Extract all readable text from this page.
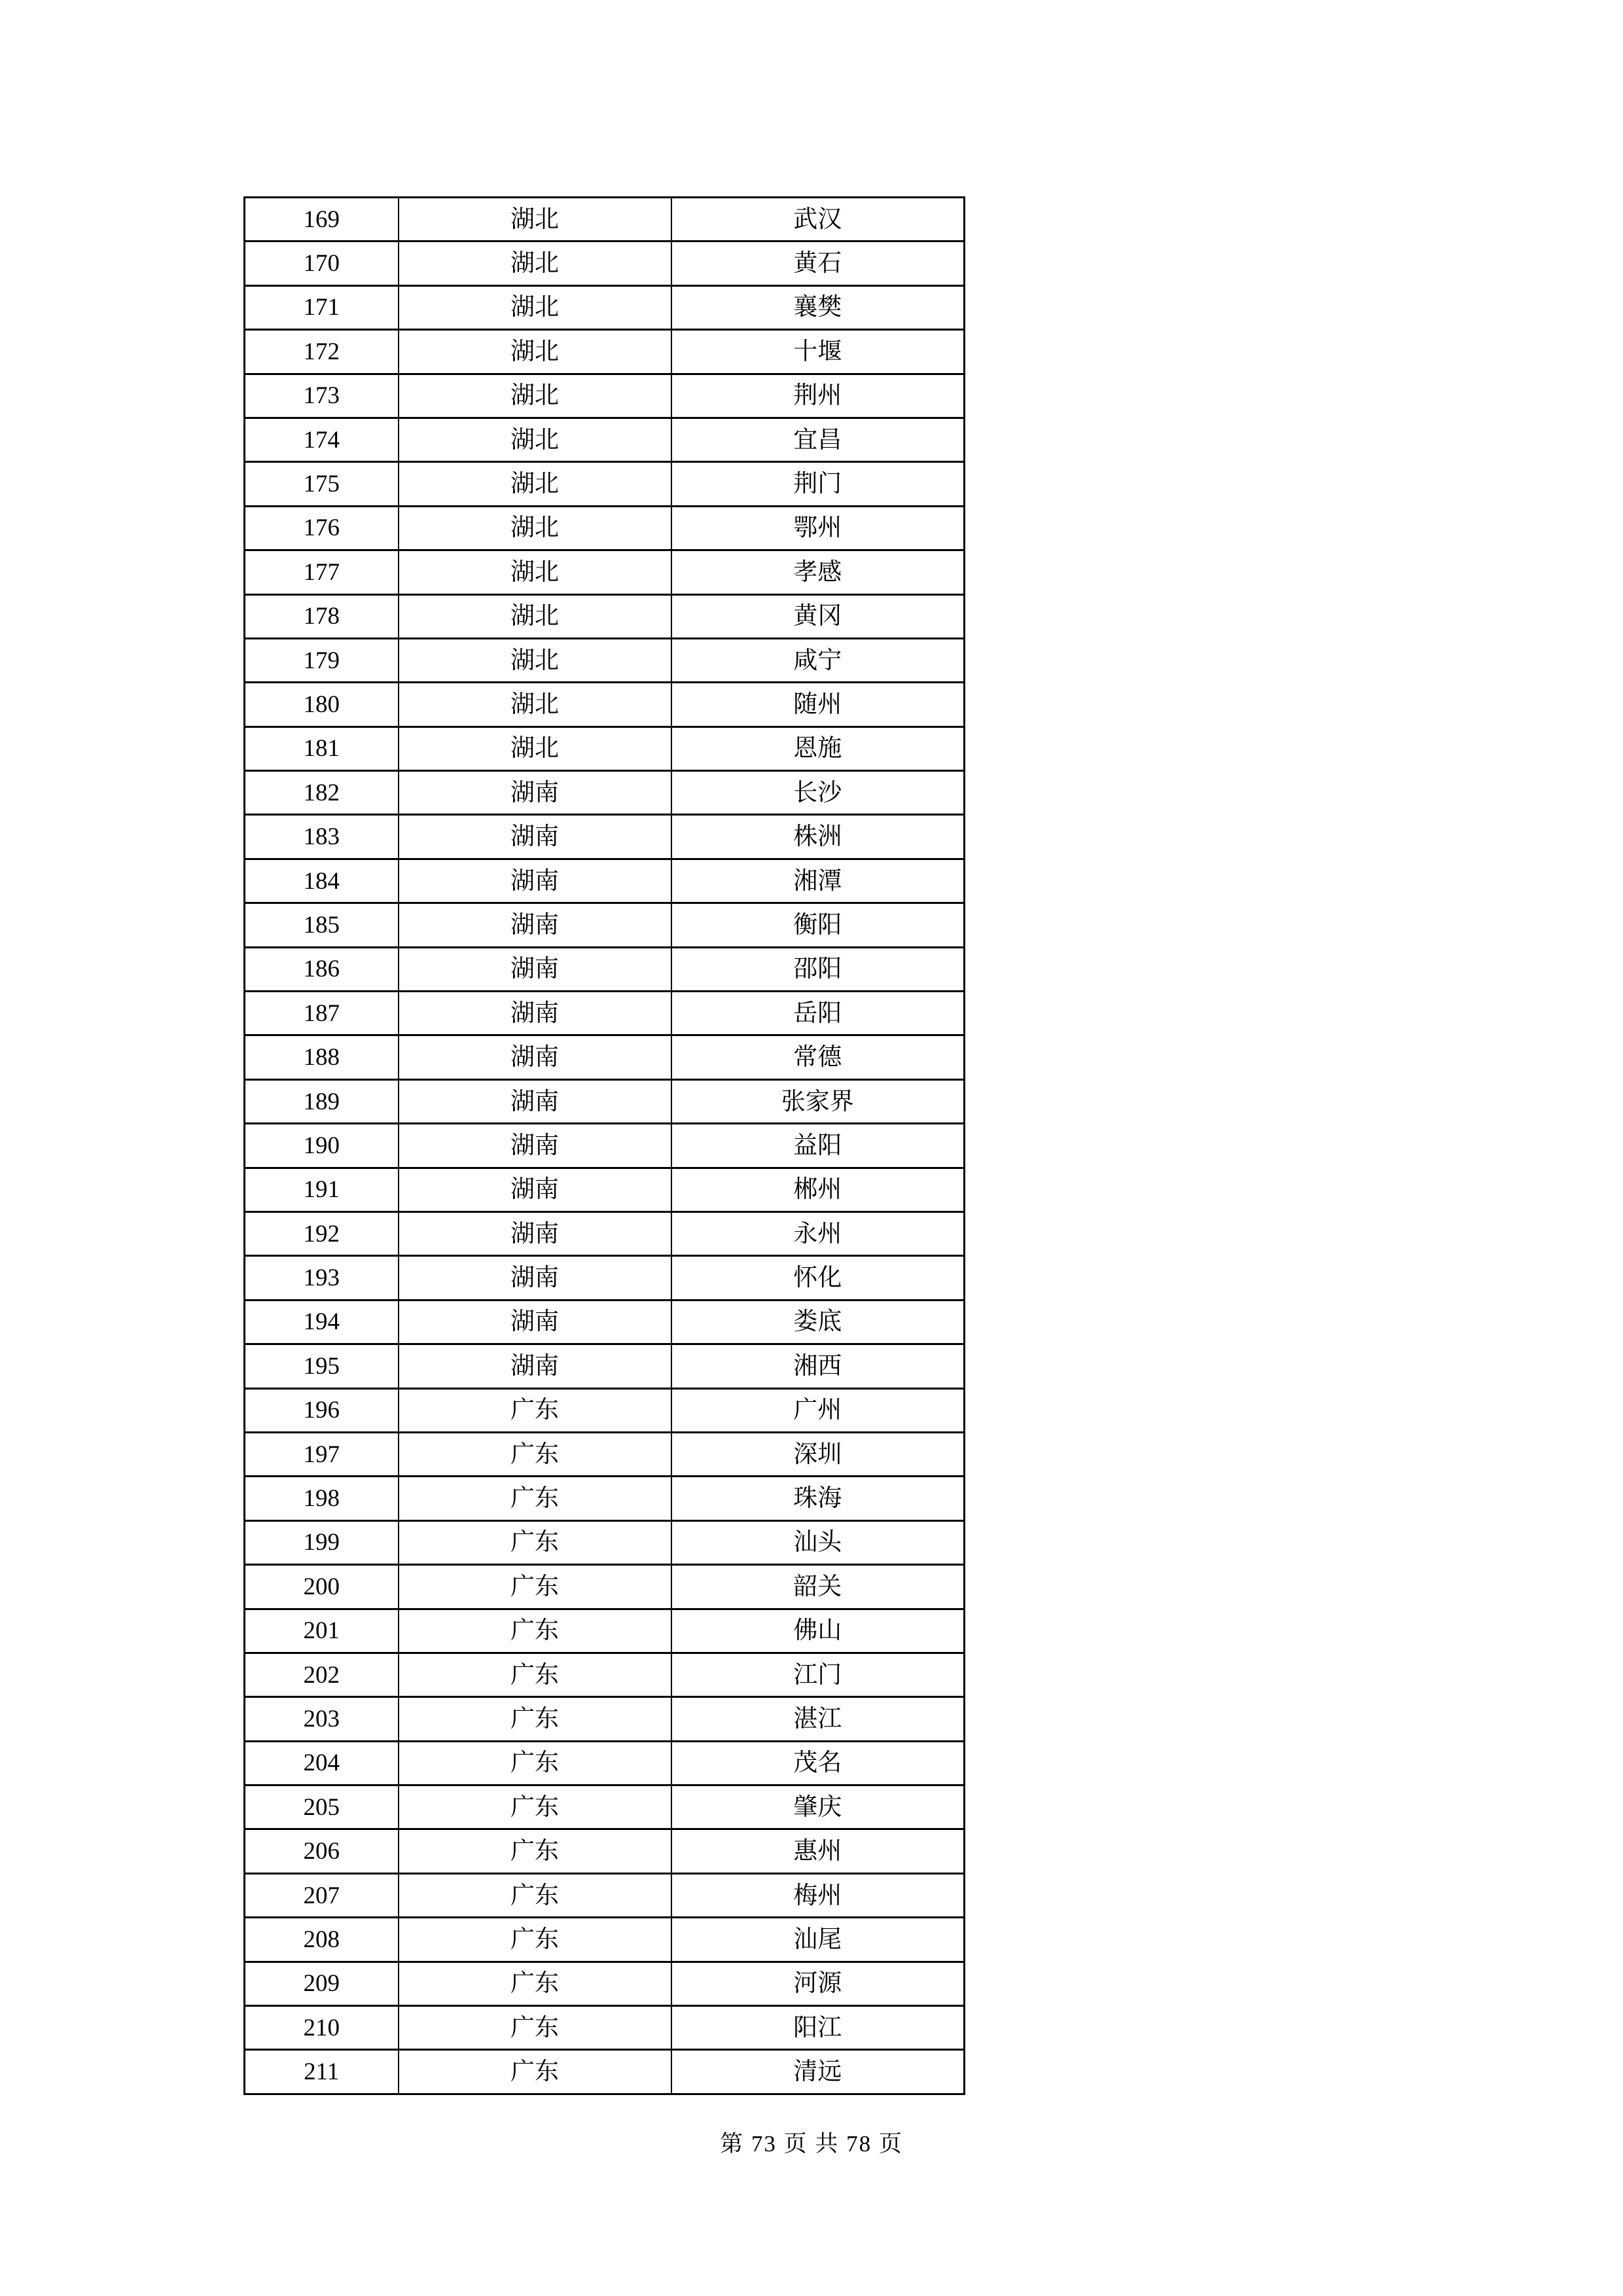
169	湖北	武汉
170	湖北	黄石
171	湖北	襄樊
172	湖北	十堰
173	湖北	荆州
174	湖北	宜昌
175	湖北	荆门
176	湖北	鄂州
177	湖北	孝感
178	湖北	黄冈
179	湖北	咸宁
180	湖北	随州
181	湖北	恩施
182	湖南	长沙
183	湖南	株洲
184	湖南	湘潭
185	湖南	衡阳
186	湖南	邵阳
187	湖南	岳阳
188	湖南	常德
189	湖南	张家界
190	湖南	益阳
191	湖南	郴州
192	湖南	永州
193	湖南	怀化
194	湖南	娄底
195	湖南	湘西
196	广东	广州
197	广东	深圳
198	广东	珠海
199	广东	汕头
200	广东	韶关
201	广东	佛山
202	广东	江门
203	广东	湛江
204	广东	茂名
205	广东	肇庆
206	广东	惠州
207	广东	梅州
208	广东	汕尾
209	广东	河源
210	广东	阳江
211	广东	清远
第 73 页 共 78 页
